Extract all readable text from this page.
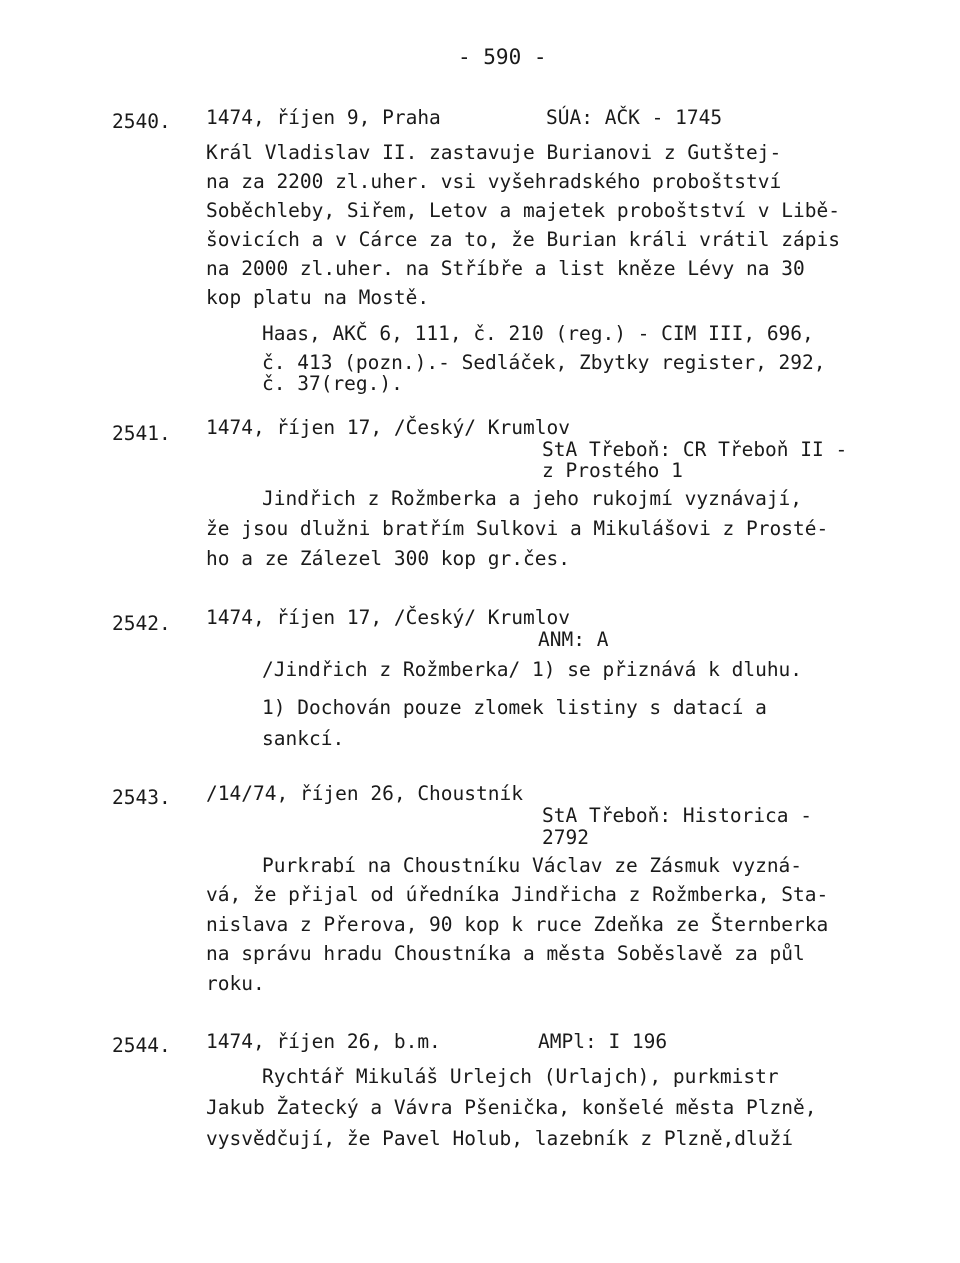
- 590 -
2540. 1474, říjen 9, Praha	SÚA: AČK - 1745
Král Vladislav II. zastavuje Burianovi z Gutštej-
na za 2200 zl.uher. vsi vyšehradského proboštství
Soběchleby, Siřem, Letov a majetek proboštství v Libě-
šovicích a v Cárce za to, že Burian králi vrátil zápis
na 2000 zl.uher. na Stříbře a list kněze Lévy na 30
kop platu na Mostě.
Haas, AKČ 6, 111, č. 210 (reg.) - CIM III, 696,
č. 413 (pozn.).- Sedláček, Zbytky register, 292,
č. 37(reg.).
2541. 1474, říjen 17, /Český/ Krumlov
StA Třeboň: CR Třeboň II -
z Prostého 1
Jindřich z Rožmberka a jeho rukojmí vyznávají,
že jsou dlužni bratřím Sulkovi a Mikulášovi z Prosté-
ho a ze Zálezel 300 kop gr.čes.
2542. 1474, říjen 17, /Český/ Krumlov
ANM: A
/Jindřich z Rožmberka/ 1) se přiznává k dluhu.
1) Dochován pouze zlomek listiny s datací a
sankcí.
2543. /14/74, říjen 26, Choustník
StA Třeboň: Historica -
2792
Purkrabí na Choustníku Václav ze Zásmuk vyzná-
vá, že přijal od úředníka Jindřicha z Rožmberka, Sta-
nislava z Přerova, 90 kop k ruce Zdeňka ze Šternberka
na správu hradu Choustníka a města Soběslavě za půl
roku.
2544. 1474, říjen 26, b.m.	AMPl: I 196
Rychtář Mikuláš Urlejch (Urlajch), purkmistr
Jakub Žatecký a Vávra Pšenička, konšelé města Plzně,
vysvědčují, že Pavel Holub, lazebník z Plzně,dluží
